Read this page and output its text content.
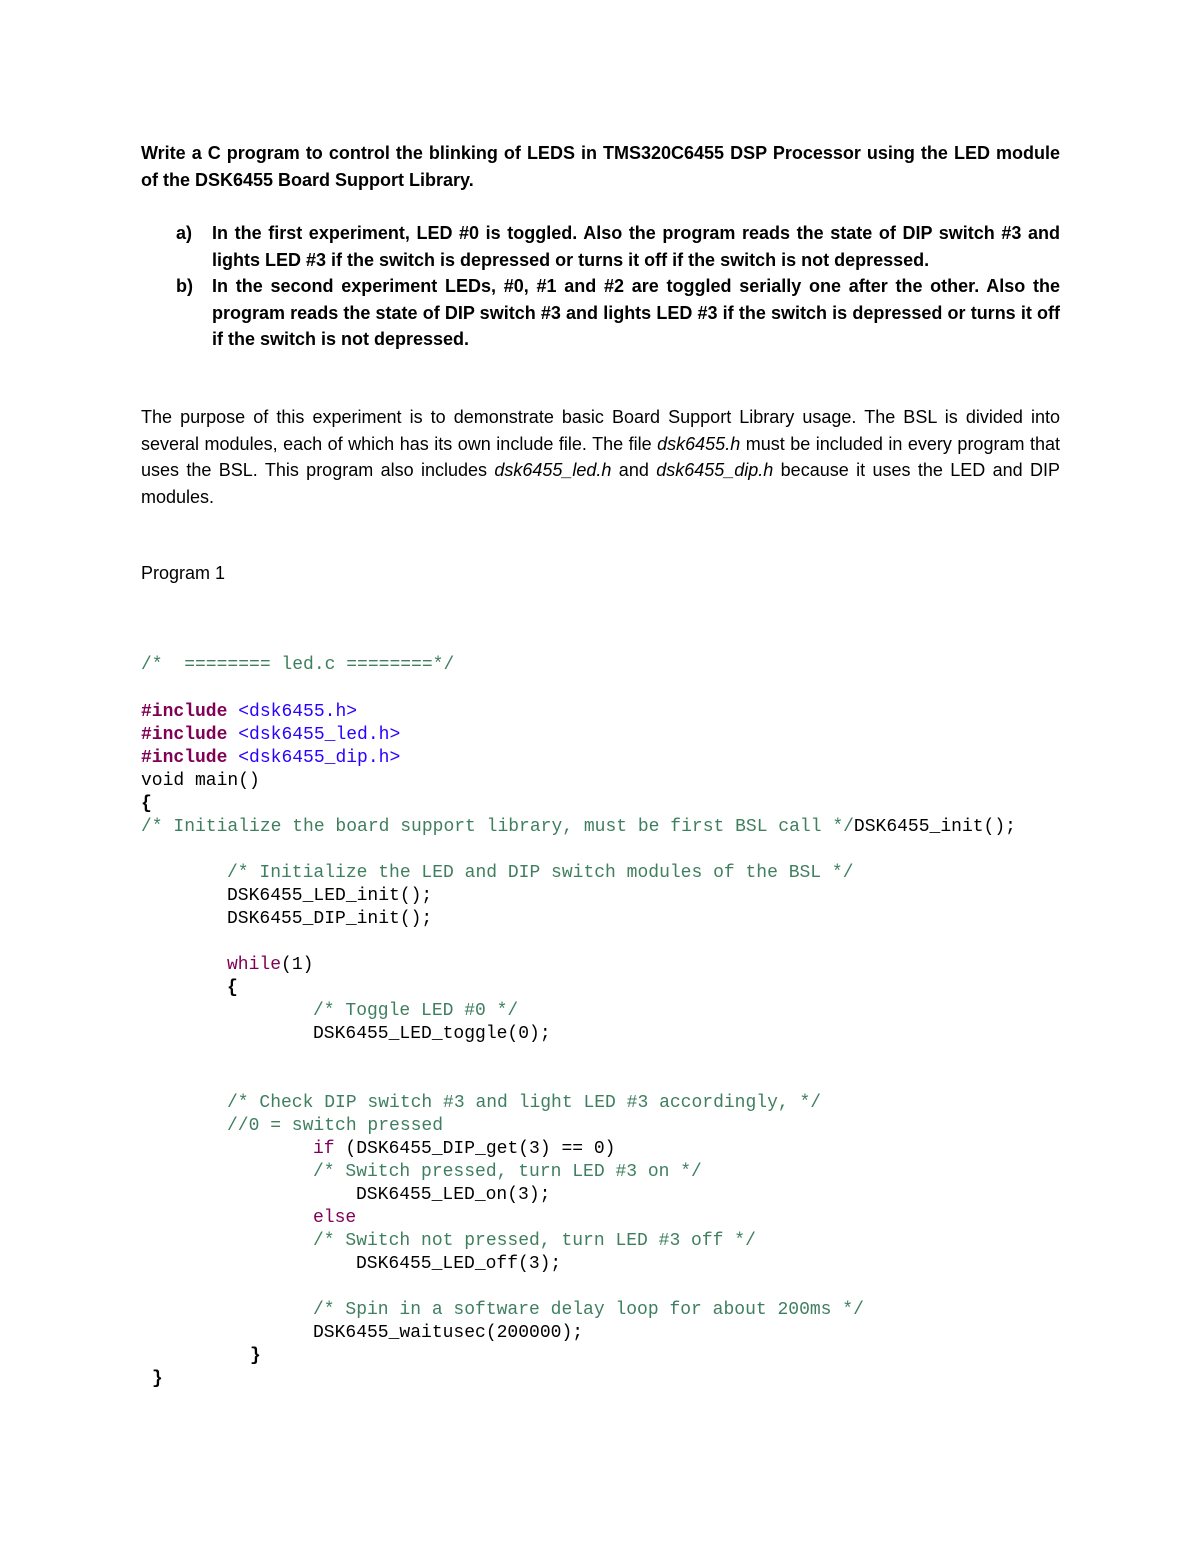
Write a C program to control the blinking of LEDS in TMS320C6455 DSP Processor using the LED module of the DSK6455 Board Support Library.

a) In the first experiment, LED #0 is toggled. Also the program reads the state of DIP switch #3 and lights LED #3 if the switch is depressed or turns it off if the switch is not depressed.
b) In the second experiment LEDs, #0, #1 and #2 are toggled serially one after the other. Also the program reads the state of DIP switch #3 and lights LED #3 if the switch is depressed or turns it off if the switch is not depressed.

The purpose of this experiment is to demonstrate basic Board Support Library usage. The BSL is divided into several modules, each of which has its own include file. The file dsk6455.h must be included in every program that uses the BSL. This program also includes dsk6455_led.h and dsk6455_dip.h because it uses the LED and DIP modules.

Program 1

/*  ======== led.c ========*/

#include <dsk6455.h>

#include <dsk6455_led.h>

#include <dsk6455_dip.h>

void main()

{

/* Initialize the board support library, must be first BSL call */DSK6455_init();

/* Initialize the LED and DIP switch modules of the BSL */

DSK6455_LED_init();

DSK6455_DIP_init();

while(1)

{

/* Toggle LED #0 */

DSK6455_LED_toggle(0);

/* Check DIP switch #3 and light LED #3 accordingly, */

//0 = switch pressed

if (DSK6455_DIP_get(3) == 0)

/* Switch pressed, turn LED #3 on */

DSK6455_LED_on(3);

else

/* Switch not pressed, turn LED #3 off */

DSK6455_LED_off(3);

/* Spin in a software delay loop for about 200ms */

DSK6455_waitusec(200000);

}

}
